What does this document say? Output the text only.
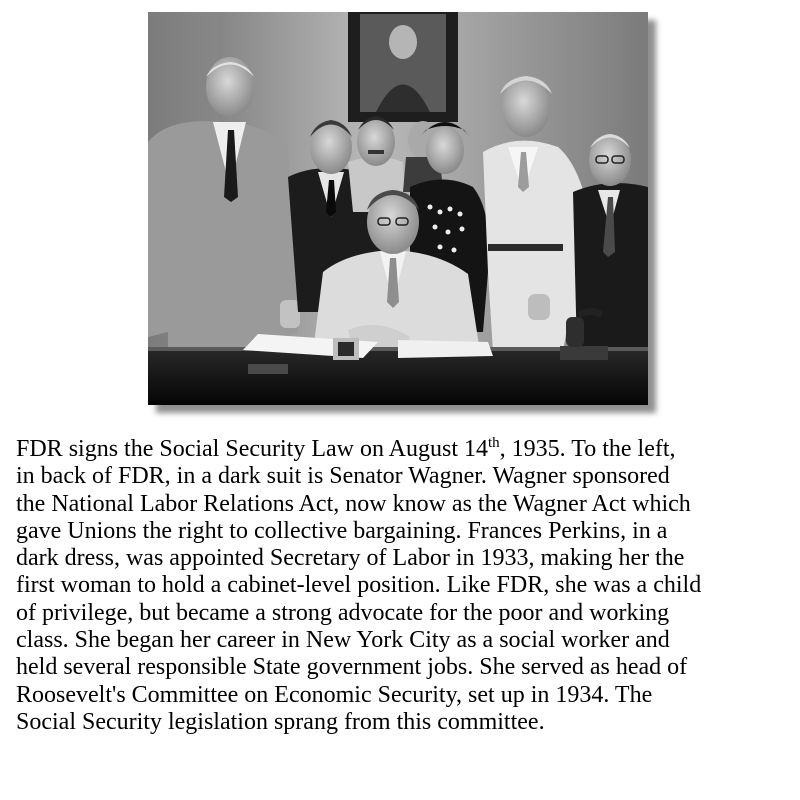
FDR signs the Social Security Law on August 14th, 1935. To the left,
in back of FDR, in a dark suit is Senator Wagner. Wagner sponsored
the National Labor Relations Act, now know as the Wagner Act which
gave Unions the right to collective bargaining. Frances Perkins, in a
dark dress, was appointed Secretary of Labor in 1933, making her the
first woman to hold a cabinet-level position. Like FDR, she was a child
of privilege, but became a strong advocate for the poor and working
class. She began her career in New York City as a social worker and
held several responsible State government jobs. She served as head of
Roosevelt's Committee on Economic Security, set up in 1934. The
Social Security legislation sprang from this committee.
